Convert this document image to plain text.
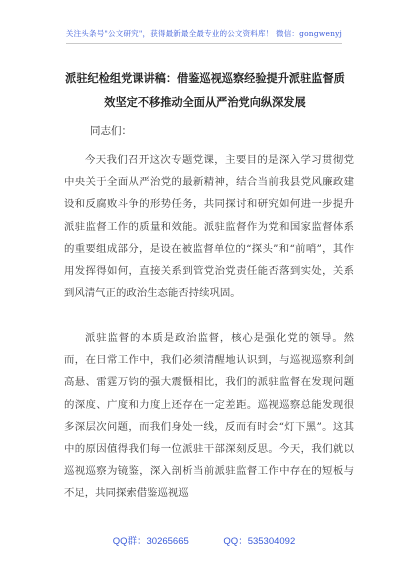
关注头条号"公文研究"，获得最新最全最专业的公文资料库！ 微信：gongwenyj
派驻纪检组党课讲稿：借鉴巡视巡察经验提升派驻监督质效坚定不移推动全面从严治党向纵深发展
同志们：

今天我们召开这次专题党课，主要目的是深入学习贯彻党中央关于全面从严治党的最新精神，结合当前我县党风廉政建设和反腐败斗争的形势任务，共同探讨和研究如何进一步提升派驻监督工作的质量和效能。派驻监督作为党和国家监督体系的重要组成部分，是设在被监督单位的“探头”和“前哨”，其作用发挥得如何，直接关系到管党治党责任能否落到实处，关系到风清气正的政治生态能否持续巩固。

派驻监督的本质是政治监督，核心是强化党的领导。然而，在日常工作中，我们必须清醒地认识到，与巡视巡察利剑高悬、雷霆万钧的强大震慑相比，我们的派驻监督在发现问题的深度、广度和力度上还存在一定差距。巡视巡察总能发现很多深层次问题，而我们身处一线，反而有时会“灯下黑”。这其中的原因值得我们每一位派驻干部深刻反思。今天，我们就以巡视巡察为镜鉴，深入剖析当前派驻监督工作中存在的短板与不足，共同探索借鉴巡视巡

QQ群：30265665	QQ：535304092
